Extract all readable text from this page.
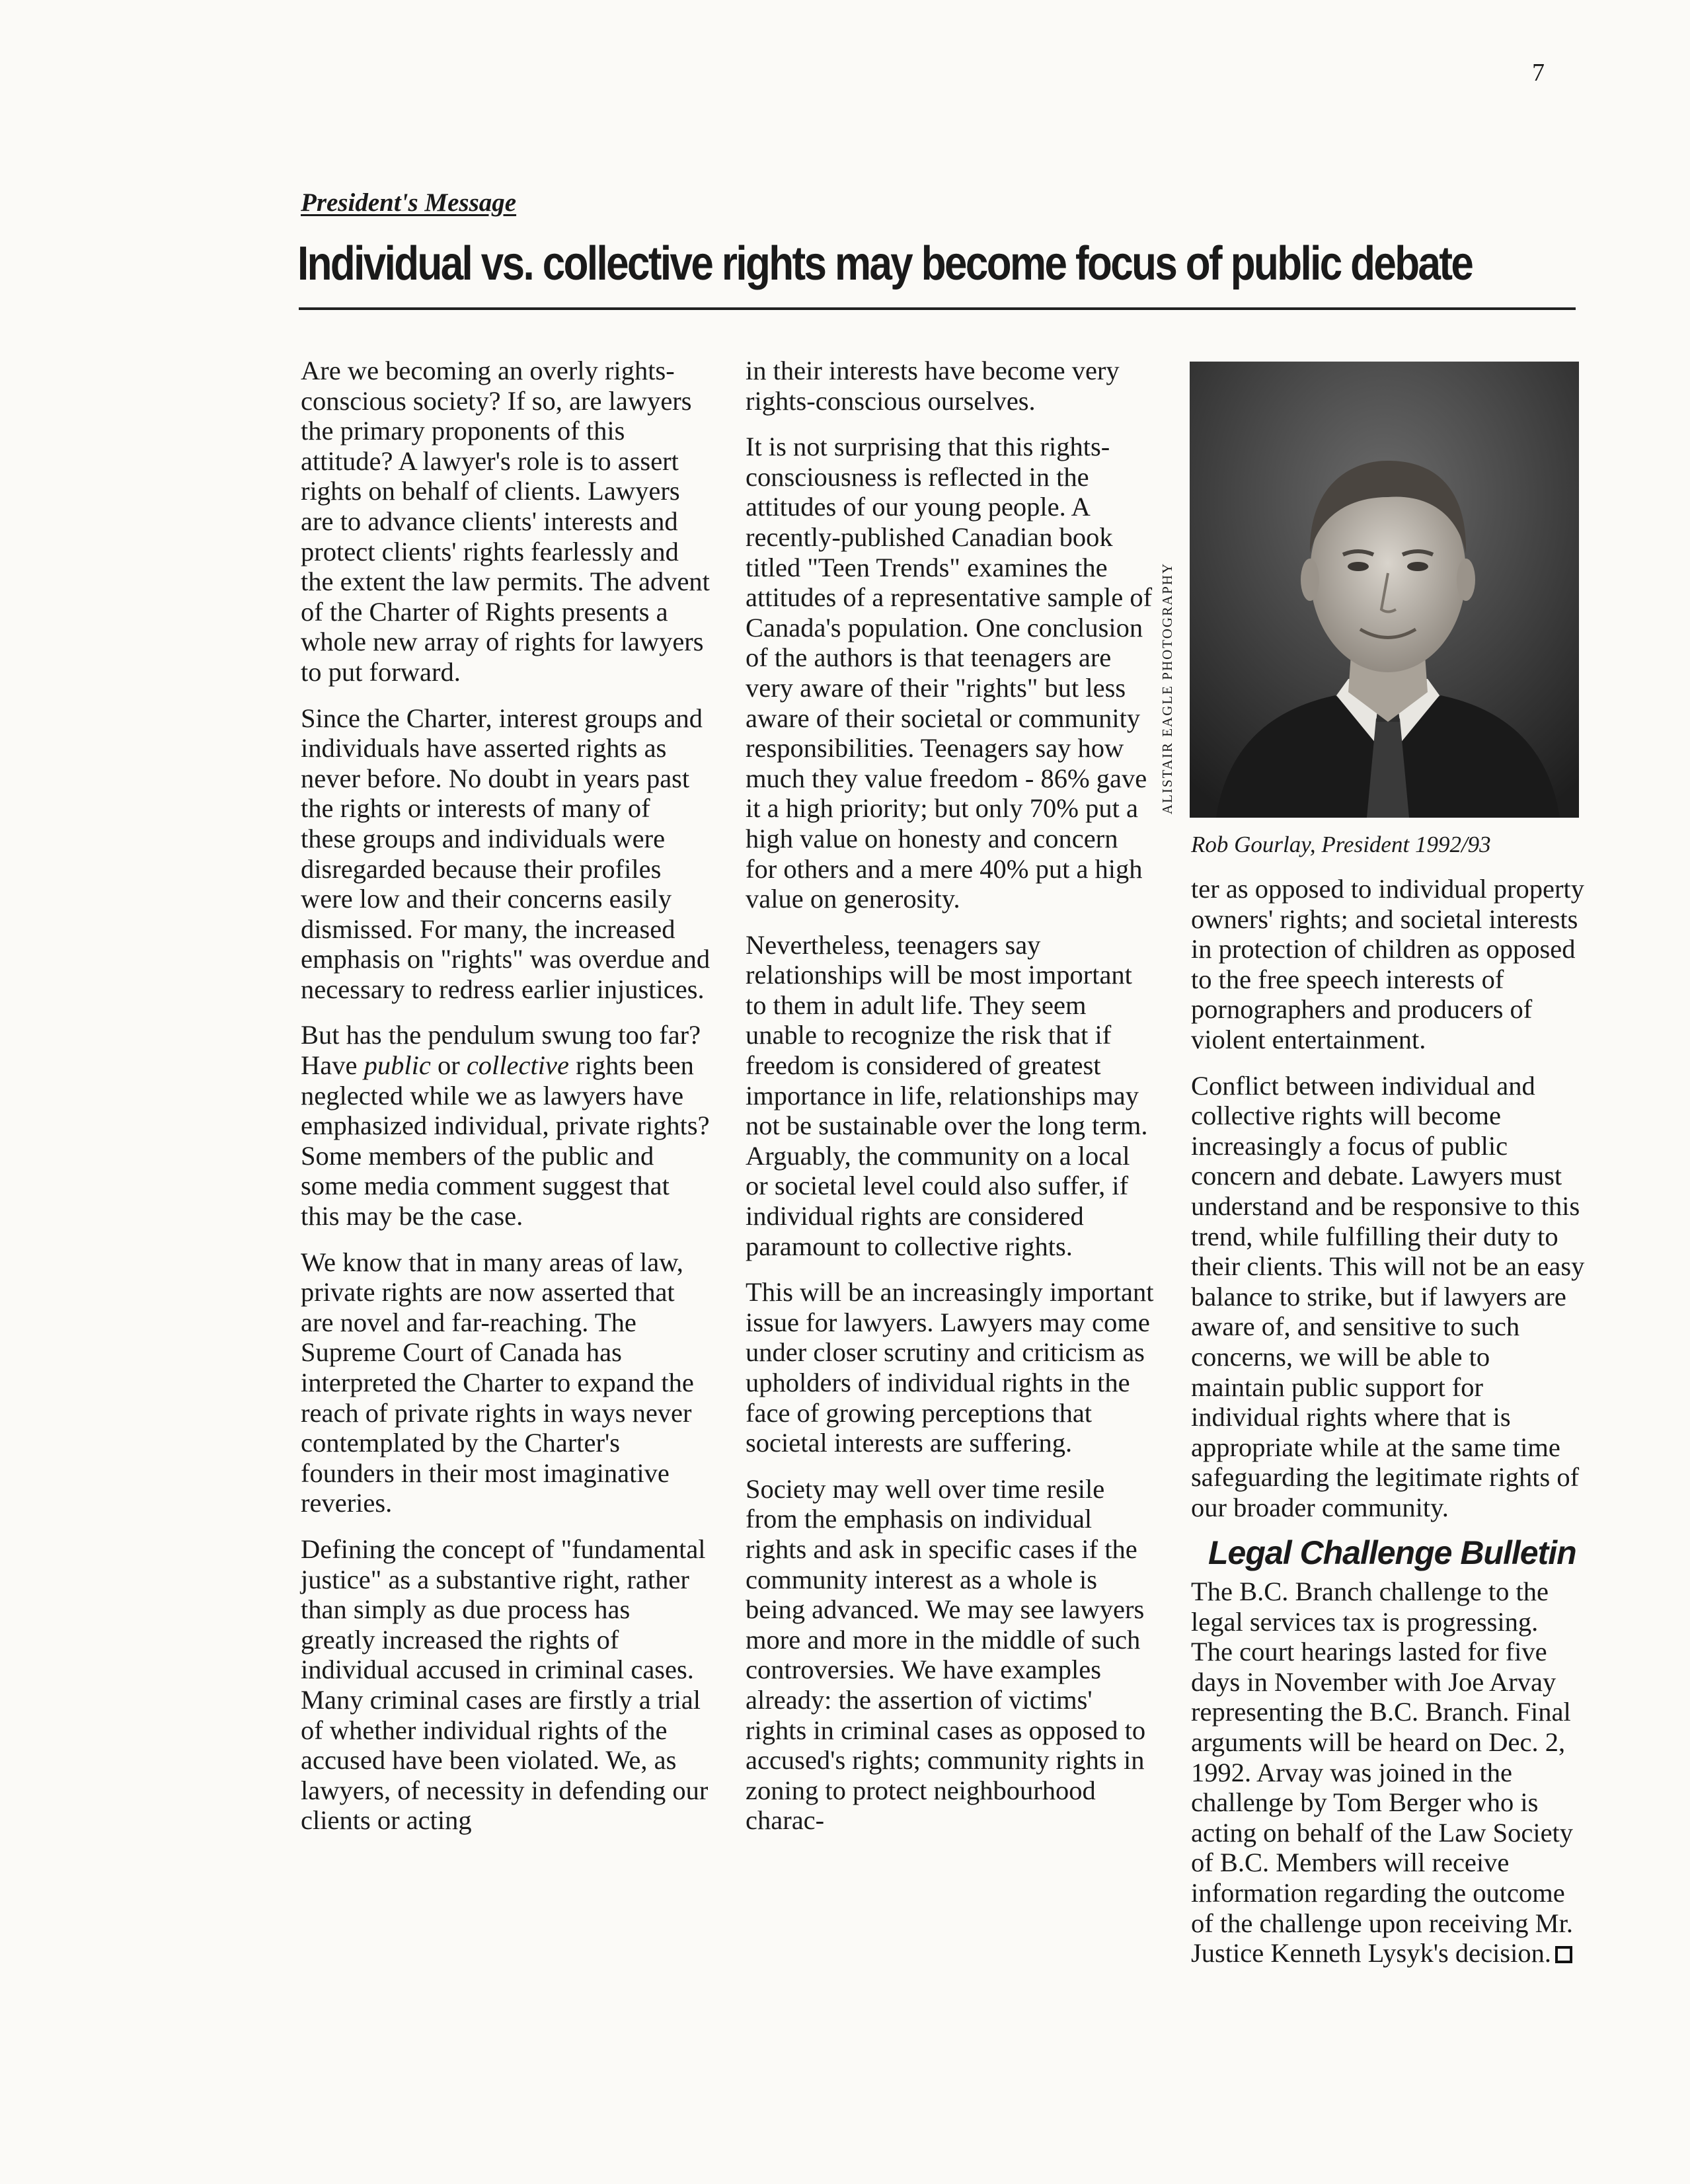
7
President's Message
Individual vs. collective rights may become focus of public debate

Are we becoming an overly rights-conscious society? If so, are lawyers the primary proponents of this attitude? A lawyer's role is to assert rights on behalf of clients. Lawyers are to advance clients' interests and protect clients' rights fearlessly and the extent the law permits. The advent of the Charter of Rights presents a whole new array of rights for lawyers to put forward.

Since the Charter, interest groups and individuals have asserted rights as never before. No doubt in years past the rights or interests of many of these groups and individuals were disregarded because their profiles were low and their concerns easily dismissed. For many, the increased emphasis on "rights" was overdue and necessary to redress earlier injustices.

But has the pendulum swung too far? Have public or collective rights been neglected while we as lawyers have emphasized individual, private rights? Some members of the public and some media comment suggest that this may be the case.

We know that in many areas of law, private rights are now asserted that are novel and far-reaching. The Supreme Court of Canada has interpreted the Charter to expand the reach of private rights in ways never contemplated by the Charter's founders in their most imaginative reveries.

Defining the concept of "fundamental justice" as a substantive right, rather than simply as due process has greatly increased the rights of individual accused in criminal cases. Many criminal cases are firstly a trial of whether individual rights of the accused have been violated. We, as lawyers, of necessity in defending our clients or acting

in their interests have become very rights-conscious ourselves.

It is not surprising that this rights-consciousness is reflected in the attitudes of our young people. A recently-published Canadian book titled "Teen Trends" examines the attitudes of a representative sample of Canada's population. One conclusion of the authors is that teenagers are very aware of their "rights" but less aware of their societal or community responsibilities. Teenagers say how much they value freedom - 86% gave it a high priority; but only 70% put a high value on honesty and concern for others and a mere 40% put a high value on generosity.

Nevertheless, teenagers say relationships will be most important to them in adult life. They seem unable to recognize the risk that if freedom is considered of greatest importance in life, relationships may not be sustainable over the long term. Arguably, the community on a local or societal level could also suffer, if individual rights are considered paramount to collective rights.

This will be an increasingly important issue for lawyers. Lawyers may come under closer scrutiny and criticism as upholders of individual rights in the face of growing perceptions that societal interests are suffering.

Society may well over time resile from the emphasis on individual rights and ask in specific cases if the community interest as a whole is being advanced. We may see lawyers more and more in the middle of such controversies. We have examples already: the assertion of victims' rights in criminal cases as opposed to accused's rights; community rights in zoning to protect neighbourhood charac-

ALISTAIR EAGLE PHOTOGRAPHY
Rob Gourlay, President 1992/93

ter as opposed to individual property owners' rights; and societal interests in protection of children as opposed to the free speech interests of pornographers and producers of violent entertainment.

Conflict between individual and collective rights will become increasingly a focus of public concern and debate. Lawyers must understand and be responsive to this trend, while fulfilling their duty to their clients. This will not be an easy balance to strike, but if lawyers are aware of, and sensitive to such concerns, we will be able to maintain public support for individual rights where that is appropriate while at the same time safeguarding the legitimate rights of our broader community.

Legal Challenge Bulletin

The B.C. Branch challenge to the legal services tax is progressing. The court hearings lasted for five days in November with Joe Arvay representing the B.C. Branch. Final arguments will be heard on Dec. 2, 1992. Arvay was joined in the challenge by Tom Berger who is acting on behalf of the Law Society of B.C. Members will receive information regarding the outcome of the challenge upon receiving Mr. Justice Kenneth Lysyk's decision.
